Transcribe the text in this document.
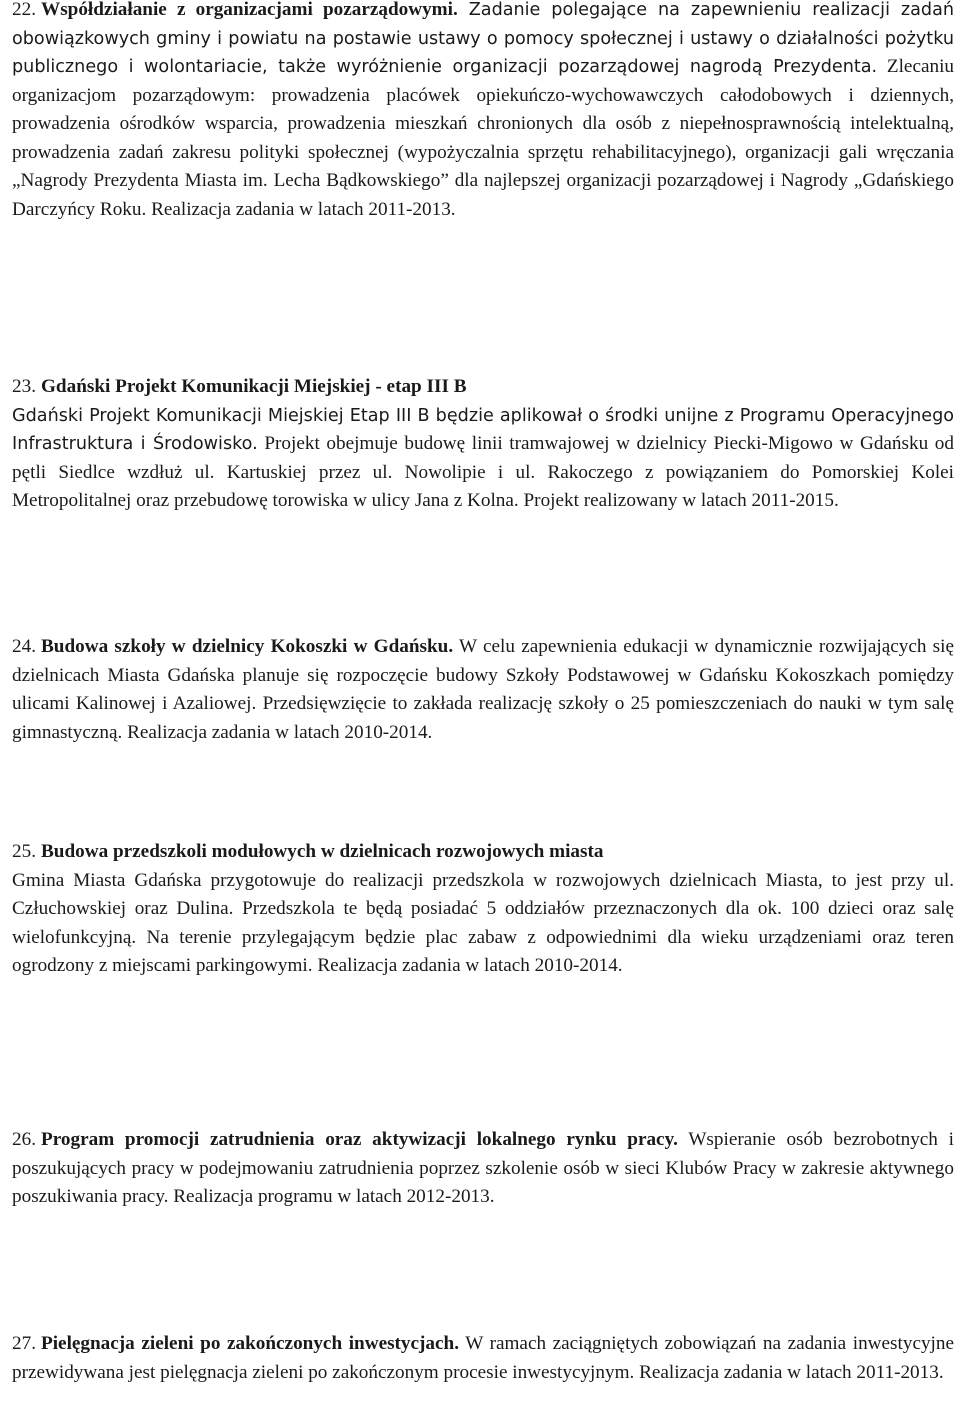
22. Współdziałanie z organizacjami pozarządowymi. Zadanie polegające na zapewnieniu realizacji zadań obowiązkowych gminy i powiatu na postawie ustawy o pomocy społecznej i ustawy o działalności pożytku publicznego i wolontariacie, także wyróżnienie organizacji pozarządowej nagrodą Prezydenta. Zlecaniu organizacjom pozarządowym: prowadzenia placówek opiekuńczo-wychowawczych całodobowych i dziennych, prowadzenia ośrodków wsparcia, prowadzenia mieszkań chronionych dla osób z niepełnosprawnością intelektualną, prowadzenia zadań zakresu polityki społecznej (wypożyczalnia sprzętu rehabilitacyjnego), organizacji gali wręczania „Nagrody Prezydenta Miasta im. Lecha Bądkowskiego” dla najlepszej organizacji pozarządowej i Nagrody „Gdańskiego Darczyńcy Roku. Realizacja zadania w latach 2011-2013.
23. Gdański Projekt Komunikacji Miejskiej - etap III B
Gdański Projekt Komunikacji Miejskiej Etap III B będzie aplikował o środki unijne z Programu Operacyjnego Infrastruktura i Środowisko. Projekt obejmuje budowę linii tramwajowej w dzielnicy Piecki-Migowo w Gdańsku od pętli Siedlce wzdłuż ul. Kartuskiej przez ul. Nowolipie i ul. Rakoczego z powiązaniem do Pomorskiej Kolei Metropolitalnej oraz przebudowę torowiska w ulicy Jana z Kolna. Projekt realizowany w latach 2011-2015.
24. Budowa szkoły w dzielnicy Kokoszki w Gdańsku. W celu zapewnienia edukacji w dynamicznie rozwijających się dzielnicach Miasta Gdańska planuje się rozpoczęcie budowy Szkoły Podstawowej w Gdańsku Kokoszkach pomiędzy ulicami Kalinowej i Azaliowej. Przedsięwzięcie to zakłada realizację szkoły o 25 pomieszczeniach do nauki w tym salę gimnastyczną. Realizacja zadania w latach 2010-2014.
25. Budowa przedszkoli modułowych w dzielnicach rozwojowych miasta
Gmina Miasta Gdańska przygotowuje do realizacji przedszkola w rozwojowych dzielnicach Miasta, to jest przy ul. Człuchowskiej oraz Dulina. Przedszkola te będą posiadać 5 oddziałów przeznaczonych dla ok. 100 dzieci oraz salę wielofunkcyjną. Na terenie przylegającym będzie plac zabaw z odpowiednimi dla wieku urządzeniami oraz teren ogrodzony z miejscami parkingowymi. Realizacja zadania w latach 2010-2014.
26. Program promocji zatrudnienia oraz aktywizacji lokalnego rynku pracy. Wspieranie osób bezrobotnych i poszukujących pracy w podejmowaniu zatrudnienia poprzez szkolenie osób w sieci Klubów Pracy w zakresie aktywnego poszukiwania pracy. Realizacja programu w latach 2012-2013.
27. Pielęgnacja zieleni po zakończonych inwestycjach. W ramach zaciągniętych zobowiązań na zadania inwestycyjne przewidywana jest pielęgnacja zieleni po zakończonym procesie inwestycyjnym. Realizacja zadania w latach 2011-2013.
